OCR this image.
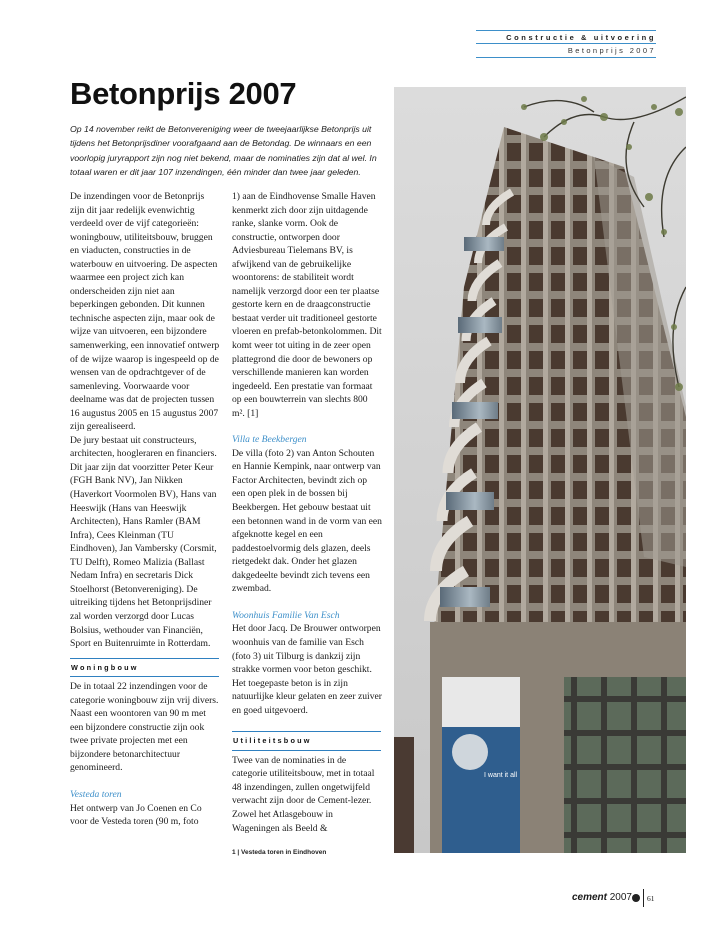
Constructie & uitvoering
Betonprijs 2007
Betonprijs 2007
Op 14 november reikt de Betonvereniging weer de tweejaarlijkse Betonprijs uit tijdens het Betonprijsdiner voorafgaand aan de Betondag. De winnaars en een voorlopig juryrapport zijn nog niet bekend, maar de nominaties zijn dat al wel. In totaal waren er dit jaar 107 inzendingen, één minder dan twee jaar geleden.

De inzendingen voor de Betonprijs zijn dit jaar redelijk evenwichtig verdeeld over de vijf categorieën: woningbouw, utiliteitsbouw, bruggen en viaducten, constructies in de waterbouw en uitvoering. De aspecten waarmee een project zich kan onderscheiden zijn niet aan beperkingen gebonden. Dit kunnen technische aspecten zijn, maar ook de wijze van uitvoeren, een bijzondere samenwerking, een innovatief ontwerp of de wijze waarop is ingespeeld op de wensen van de opdrachtgever of de samenleving. Voorwaarde voor deelname was dat de projecten tussen 16 augustus 2005 en 15 augustus 2007 zijn gerealiseerd.

De jury bestaat uit constructeurs, architecten, hoogleraren en financiers. Dit jaar zijn dat voorzitter Peter Keur (FGH Bank NV), Jan Nikken (Haverkort Voormolen BV), Hans van Heeswijk (Hans van Heeswijk Architecten), Hans Ramler (BAM Infra), Cees Kleinman (TU Eindhoven), Jan Vambersky (Corsmit, TU Delft), Romeo Malizia (Ballast Nedam Infra) en secretaris Dick Stoelhorst (Betonvereniging). De uitreiking tijdens het Betonprijsdiner zal worden verzorgd door Lucas Bolsius, wethouder van Financiën, Sport en Buitenruimte in Rotterdam.

Woningbouw

De in totaal 22 inzendingen voor de categorie woningbouw zijn vrij divers. Naast een woontoren van 90 m met een bijzondere constructie zijn ook twee private projecten met een bijzondere betonarchitectuur genomineerd.

Vesteda toren

Het ontwerp van Jo Coenen en Co voor de Vesteda toren (90 m, foto

1) aan de Eindhovense Smalle Haven kenmerkt zich door zijn uitdagende ranke, slanke vorm. Ook de constructie, ontworpen door Adviesbureau Tielemans BV, is afwijkend van de gebruikelijke woontorens: de stabiliteit wordt namelijk verzorgd door een ter plaatse gestorte kern en de draagconstructie bestaat verder uit traditioneel gestorte vloeren en prefab-betonkolommen. Dit komt weer tot uiting in de zeer open plattegrond die door de bewoners op verschillende manieren kan worden ingedeeld. Een prestatie van formaat op een bouwterrein van slechts 800 m². [1]

Villa te Beekbergen

De villa (foto 2) van Anton Schouten en Hannie Kempink, naar ontwerp van Factor Architecten, bevindt zich op een open plek in de bossen bij Beekbergen. Het gebouw bestaat uit een betonnen wand in de vorm van een afgeknotte kegel en een paddestoelvormig dels glazen, deels rietgedekt dak. Onder het glazen dakgedeelte bevindt zich tevens een zwembad.

Woonhuis Familie Van Esch

Het door Jacq. De Brouwer ontworpen woonhuis van de familie van Esch (foto 3) uit Tilburg is dankzij zijn strakke vormen voor beton geschikt. Het toegepaste beton is in zijn natuurlijke kleur gelaten en zeer zuiver en goed uitgevoerd.

Utiliteitsbouw

Twee van de nominaties in de categorie utiliteitsbouw, met in totaal 48 inzendingen, zullen ongetwijfeld verwacht zijn door de Cement-lezer. Zowel het Atlasgebouw in Wageningen als Beeld &

I want it all
1 | Vesteda toren in Eindhoven
cement 2007 61
